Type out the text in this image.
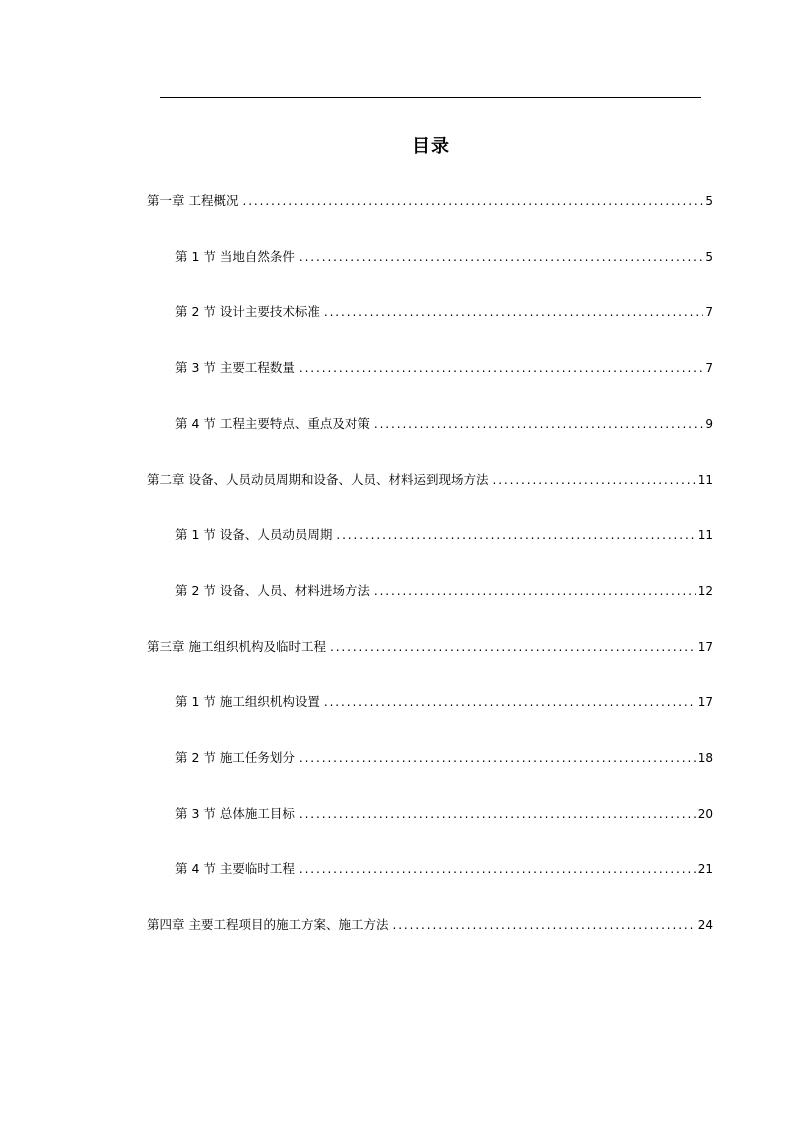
目录
第一章 工程概况 .....	5
第 1 节 当地自然条件 .....	5
第 2 节 设计主要技术标准 .....	7
第 3 节 主要工程数量 .....	7
第 4 节 工程主要特点、重点及对策 .....	9
第二章 设备、人员动员周期和设备、人员、材料运到现场方法 .....	11
第 1 节 设备、人员动员周期 .....	11
第 2 节 设备、人员、材料进场方法 .....	12
第三章 施工组织机构及临时工程 .....	17
第 1 节 施工组织机构设置 .....	17
第 2 节 施工任务划分 .....	18
第 3 节 总体施工目标 .....	20
第 4 节 主要临时工程 .....	21
第四章 主要工程项目的施工方案、施工方法 .....	24
